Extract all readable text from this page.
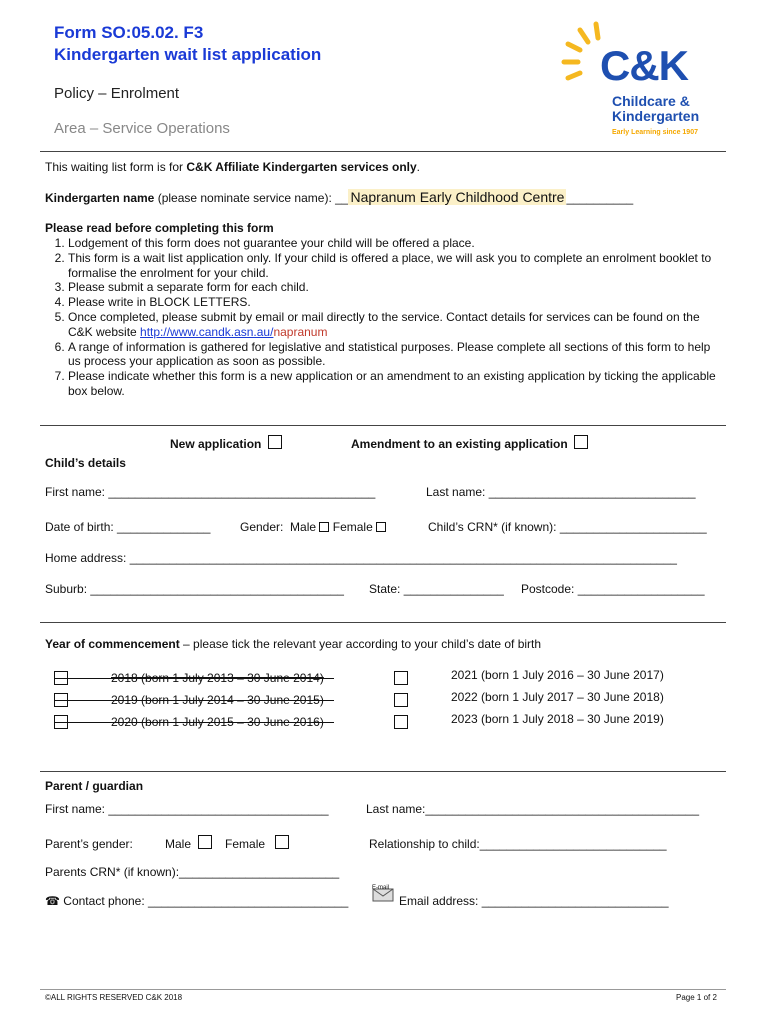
Form SO:05.02. F3
Kindergarten wait list application
Policy – Enrolment
Area – Service Operations
C&K
Childcare &
Kindergarten
Early Learning since 1907
This waiting list form is for C&K Affiliate Kindergarten services only.
Kindergarten name (please nominate service name): __ Napranum Early Childhood Centre __________
Please read before completing this form
1. Lodgement of this form does not guarantee your child will be offered a place.
2. This form is a wait list application only. If your child is offered a place, we will ask you to complete an enrolment booklet to formalise the enrolment for your child.
3. Please submit a separate form for each child.
4. Please write in BLOCK LETTERS.
5. Once completed, please submit by email or mail directly to the service. Contact details for services can be found on the C&K website http://www.candk.asn.au/napranum
6. A range of information is gathered for legislative and statistical purposes. Please complete all sections of this form to help us process your application as soon as possible.
7. Please indicate whether this form is a new application or an amendment to an existing application by ticking the applicable box below.
New application	Amendment to an existing application
Child’s details
First name: ________________________________________	Last name: _______________________________
Date of birth: ______________ Gender: Male Female	Child’s CRN* (if known): ______________________
Home address: __________________________________________________________________________________
Suburb: ______________________________________ State: _______________ Postcode: ___________________
Year of commencement – please tick the relevant year according to your child’s date of birth
2018 (born 1 July 2013 – 30 June 2014)
2019 (born 1 July 2014 – 30 June 2015)
2020 (born 1 July 2015 – 30 June 2016)
2021 (born 1 July 2016 – 30 June 2017)
2022 (born 1 July 2017 – 30 June 2018)
2023 (born 1 July 2018 – 30 June 2019)
Parent / guardian
First name: _________________________________	Last name:_________________________________________
Parent’s gender:	Male	Female	Relationship to child:____________________________
Parents CRN* (if known):________________________
☎ Contact phone: ______________________________
E-mail
Email address: ____________________________
©ALL RIGHTS RESERVED C&K 2018	Page 1 of 2
